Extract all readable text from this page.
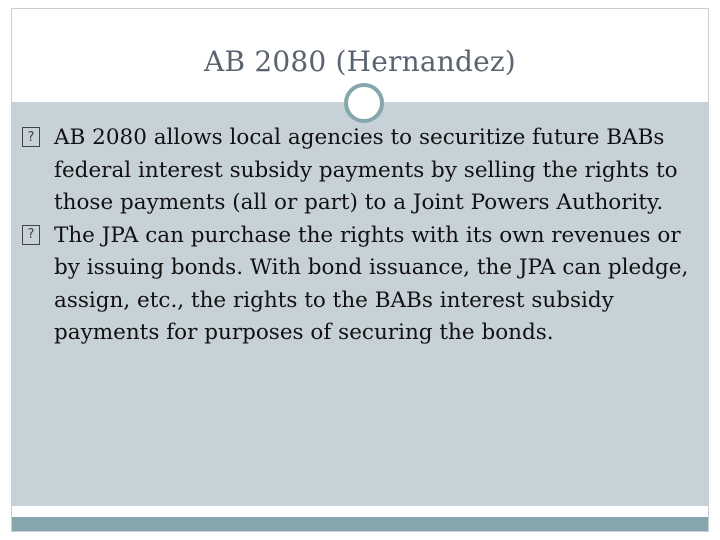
AB 2080 (Hernandez)
? AB 2080 allows local agencies to securitize future BABs federal interest subsidy payments by selling the rights to those payments (all or part) to a Joint Powers Authority.
? The JPA can purchase the rights with its own revenues or by issuing bonds. With bond issuance, the JPA can pledge, assign, etc., the rights to the BABs interest subsidy payments for purposes of securing the bonds.
